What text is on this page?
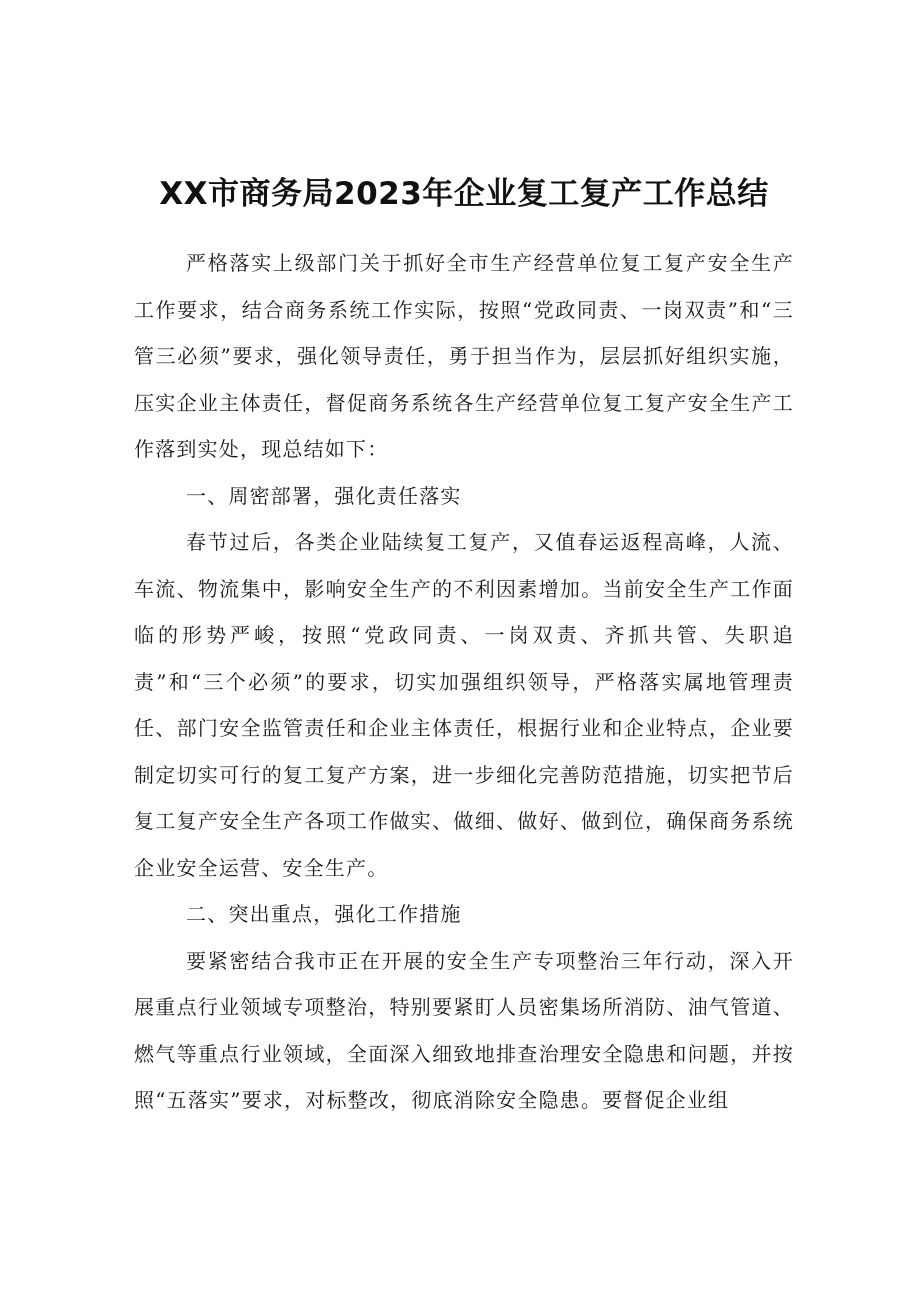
XX市商务局2023年企业复工复产工作总结

严格落实上级部门关于抓好全市生产经营单位复工复产安全生产工作要求，结合商务系统工作实际，按照“党政同责、一岗双责”和“三管三必须”要求，强化领导责任，勇于担当作为，层层抓好组织实施，压实企业主体责任，督促商务系统各生产经营单位复工复产安全生产工作落到实处，现总结如下：

一、周密部署，强化责任落实

春节过后，各类企业陆续复工复产，又值春运返程高峰，人流、车流、物流集中，影响安全生产的不利因素增加。当前安全生产工作面临的形势严峻，按照“党政同责、一岗双责、齐抓共管、失职追责”和“三个必须”的要求，切实加强组织领导，严格落实属地管理责任、部门安全监管责任和企业主体责任，根据行业和企业特点，企业要制定切实可行的复工复产方案，进一步细化完善防范措施，切实把节后复工复产安全生产各项工作做实、做细、做好、做到位，确保商务系统企业安全运营、安全生产。

二、突出重点，强化工作措施

要紧密结合我市正在开展的安全生产专项整治三年行动，深入开展重点行业领域专项整治，特别要紧盯人员密集场所消防、油气管道、燃气等重点行业领域，全面深入细致地排查治理安全隐患和问题，并按照“五落实”要求，对标整改，彻底消除安全隐患。要督促企业组
